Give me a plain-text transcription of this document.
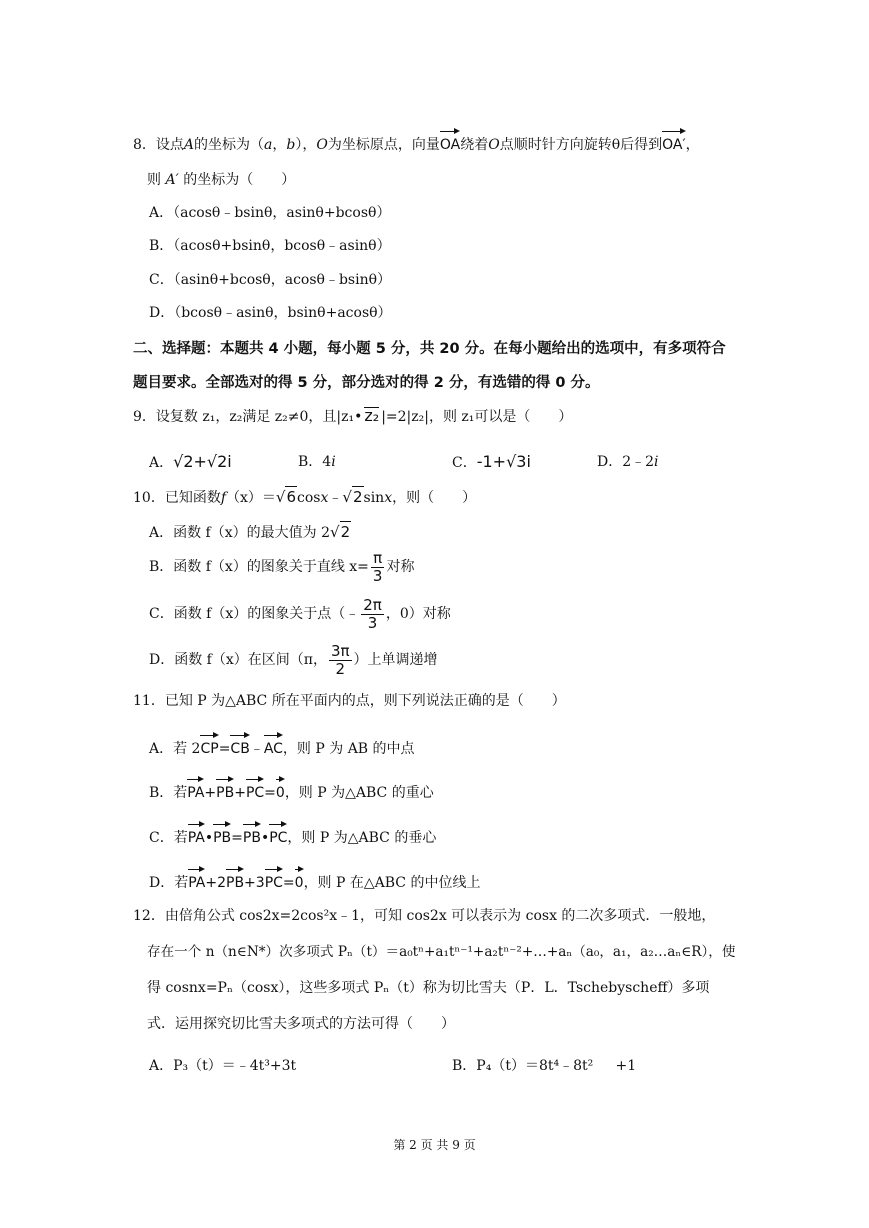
8．设点A的坐标为（a，b），O为坐标原点，向量OA绕着O点顺时针方向旋转θ后得到OA′，
则 A′ 的坐标为（　　）
A．（acosθ﹣bsinθ，asinθ+bcosθ）
B．（acosθ+bsinθ，bcosθ﹣asinθ）
C．（asinθ+bcosθ，acosθ﹣bsinθ）
D．（bcosθ﹣asinθ，bsinθ+acosθ）
二、选择题：本题共 4 小题，每小题 5 分，共 20 分。在每小题给出的选项中，有多项符合
题目要求。全部选对的得 5 分，部分选对的得 2 分，有选错的得 0 分。
9．设复数 z₁，z₂满足 z₂≠0，且|z₁• z₂ |=2|z₂|，则 z₁可以是（　　）
A．√2+√2i	B．4i	C．-1+√3i	D．2﹣2i
10．已知函数f（x）＝√6cosx﹣√2sinx，则（　　）
A．函数 f（x）的最大值为 2√2
B．函数 f（x）的图象关于直线 $x= \frac{\pi}{3}$ 对称
C．函数 f（x）的图象关于点（﹣ $\frac{2\pi}{3}$ ，0）对称
D．函数 f（x）在区间（π， $\frac{3\pi}{2}$ ）上单调递增
11．已知 P 为△ABC 所在平面内的点，则下列说法正确的是（　　）
A．若 2CP=CB﹣AC，则 P 为 AB 的中点
B．若PA+PB+PC=0，则 P 为△ABC 的重心
C．若PA•PB=PB•PC，则 P 为△ABC 的垂心
D．若PA+2PB+3PC=0，则 P 在△ABC 的中位线上
12．由倍角公式 cos2x=2cos²x﹣1，可知 cos2x 可以表示为 cosx 的二次多项式．一般地，
存在一个 n（n∈N*）次多项式 Pₙ（t）＝a₀tⁿ+a₁tⁿ⁻¹+a₂tⁿ⁻²+…+aₙ（a₀，a₁，a₂…aₙ∈R），使
得 cosnx=Pₙ（cosx），这些多项式 Pₙ（t）称为切比雪夫（P．L．Tschebyscheff）多项
式．运用探究切比雪夫多项式的方法可得（　　）
A．P₃（t）＝﹣4t³+3t	B．P₄（t）＝8t⁴﹣8t² +1
第 2 页 共 9 页
